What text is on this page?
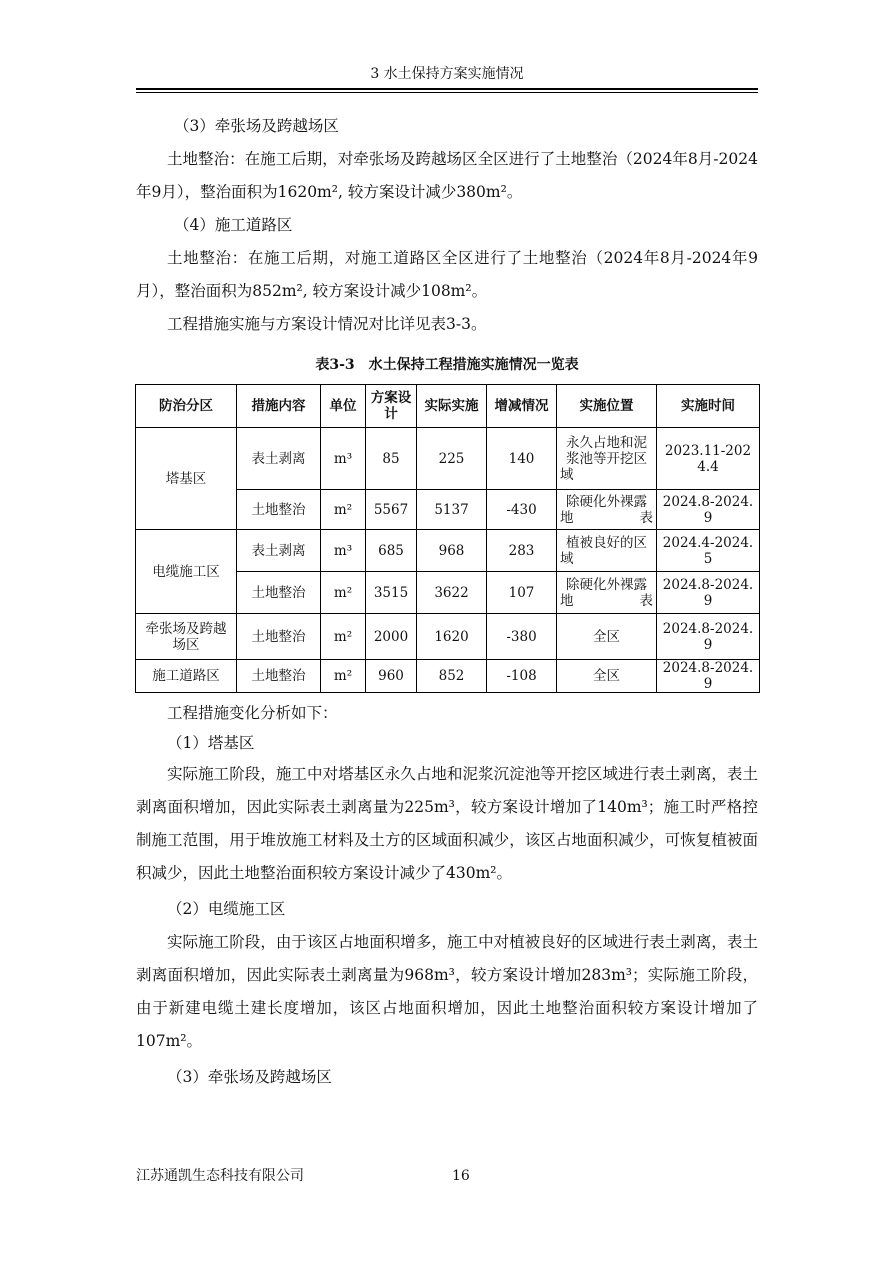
3 水土保持方案实施情况

（3）牵张场及跨越场区

土地整治：在施工后期，对牵张场及跨越场区全区进行了土地整治（2024年8月-2024年9月），整治面积为1620m², 较方案设计减少380m²。

（4）施工道路区

土地整治：在施工后期，对施工道路区全区进行了土地整治（2024年8月-2024年9月），整治面积为852m², 较方案设计减少108m²。

工程措施实施与方案设计情况对比详见表3-3。

表3-3　水土保持工程措施实施情况一览表
防治分区	措施内容	单位	方案设计	实际实施	增减情况	实施位置	实施时间
塔基区	表土剥离	m³	85	225	140	永久占地和泥浆池等开挖区域	2023.11-2024.4
	土地整治	m²	5567	5137	-430	除硬化外裸露地表	2024.8-2024.9
电缆施工区	表土剥离	m³	685	968	283	植被良好的区域	2024.4-2024.5
	土地整治	m²	3515	3622	107	除硬化外裸露地表	2024.8-2024.9
牵张场及跨越场区	土地整治	m²	2000	1620	-380	全区	2024.8-2024.9
施工道路区	土地整治	m²	960	852	-108	全区	2024.8-2024.9

工程措施变化分析如下：

（1）塔基区

实际施工阶段，施工中对塔基区永久占地和泥浆沉淀池等开挖区域进行表土剥离，表土剥离面积增加，因此实际表土剥离量为225m³，较方案设计增加了140m³；施工时严格控制施工范围，用于堆放施工材料及土方的区域面积减少，该区占地面积减少，可恢复植被面积减少，因此土地整治面积较方案设计减少了430m²。

（2）电缆施工区

实际施工阶段，由于该区占地面积增多，施工中对植被良好的区域进行表土剥离，表土剥离面积增加，因此实际表土剥离量为968m³，较方案设计增加283m³；实际施工阶段，由于新建电缆土建长度增加，该区占地面积增加，因此土地整治面积较方案设计增加了107m²。

（3）牵张场及跨越场区

江苏通凯生态科技有限公司	16
